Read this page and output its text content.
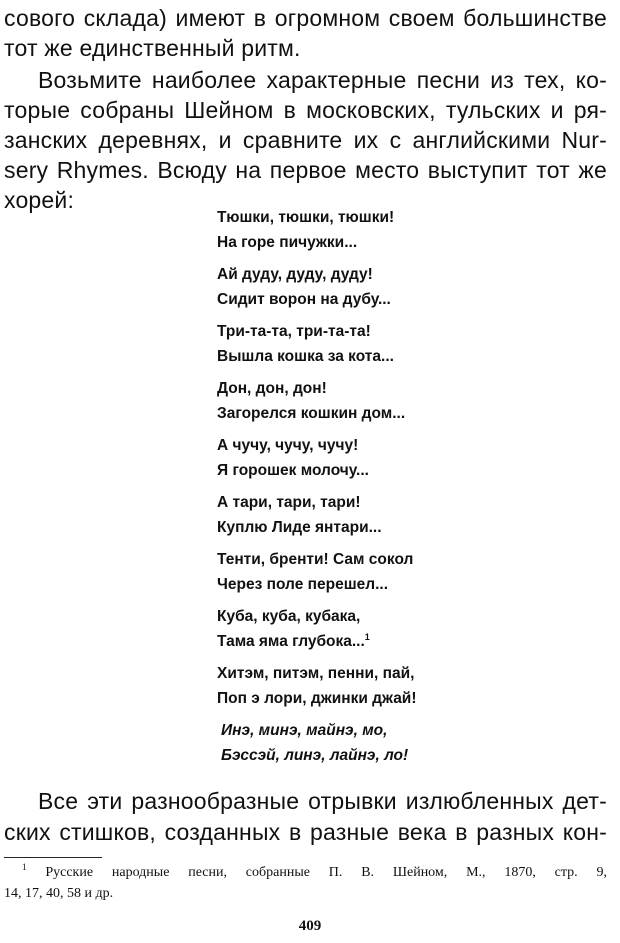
сового склада) имеют в огромном своем большинстве
тот же единственный ритм.
Возьмите наиболее характерные песни из тех, ко-
торые собраны Шейном в московских, тульских и ря-
занских деревнях, и сравните их с английскими Nur-
sery Rhymes. Всюду на первое место выступит тот же
хорей:
Тюшки, тюшки, тюшки!
На горе пичужки...
Ай дуду, дуду, дуду!
Сидит ворон на дубу...
Три-та-та, три-та-та!
Вышла кошка за кота...
Дон, дон, дон!
Загорелся кошкин дом...
А чучу, чучу, чучу!
Я горошек молочу...
А тари, тари, тари!
Куплю Лиде янтари...
Тенти, бренти! Сам сокол
Через поле перешел...
Куба, куба, кубака,
Тама яма глубока...$^1$
Хитэм, питэм, пенни, пай,
Поп э лори, джинки джай!
Инэ, минэ, майнэ, мо,
Бэссэй, линэ, лайнэ, ло!
Все эти разнообразные отрывки излюбленных дет-
ских стишков, созданных в разные века в разных кон-
$^1$ Русские народные песни, собранные П. В. Шейном, М., 1870, стр. 9,
14, 17, 40, 58 и др.
409
